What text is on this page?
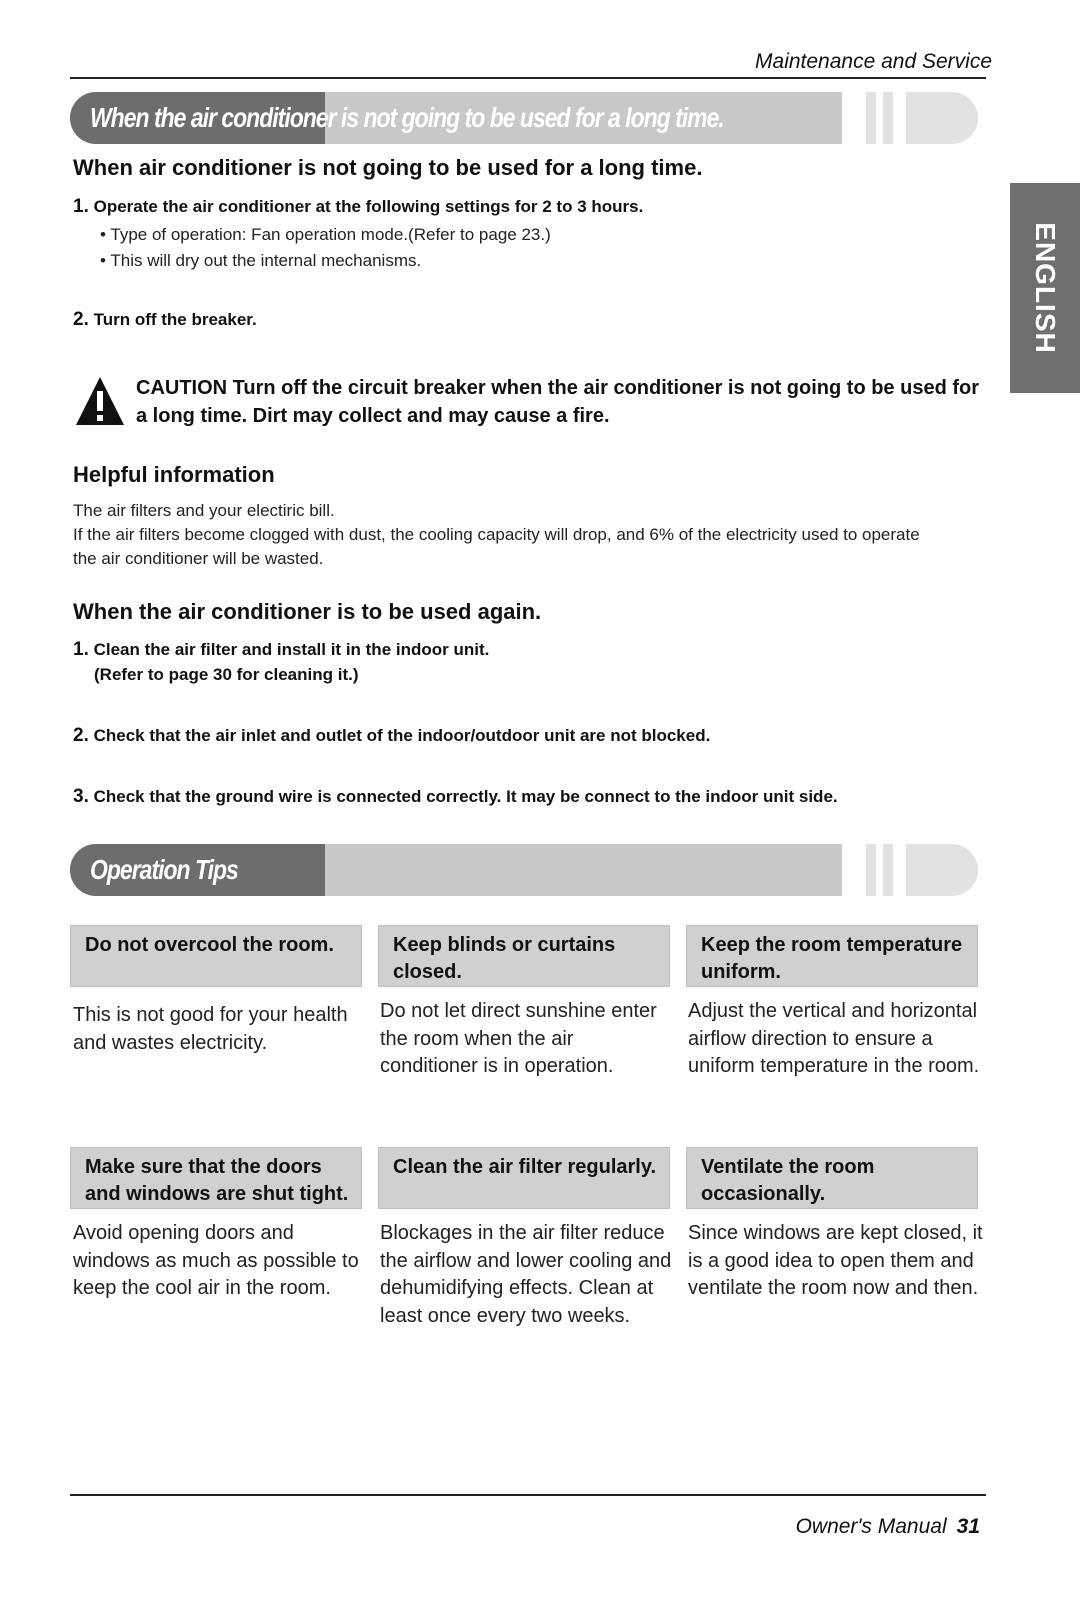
Maintenance and Service
ENGLISH
When the air conditioner is not going to be used for a long time.
When air conditioner is not going to be used for a long time.
1. Operate the air conditioner at the following settings for 2 to 3 hours.
• Type of operation: Fan operation mode.(Refer to page 23.)
• This will dry out the internal mechanisms.
2. Turn off the breaker.
CAUTION Turn off the circuit breaker when the air conditioner is not going to be used for a long time. Dirt may collect and may cause a fire.
Helpful information
The air filters and your electiric bill.
If the air filters become clogged with dust, the cooling capacity will drop, and 6% of the electricity used to operate the air conditioner will be wasted.
When the air conditioner is to be used again.
1. Clean the air filter and install it in the indoor unit.
(Refer to page 30 for cleaning it.)
2. Check that the air inlet and outlet of the indoor/outdoor unit are not blocked.
3. Check that the ground wire is connected correctly. It may be connect to the indoor unit side.
Operation Tips
Do not overcool the room.	Keep blinds or curtains closed.
Keep the room temperature uniform.
This is not good for your health and wastes electricity.
Do not let direct sunshine enter the room when the air conditioner is in operation.
Adjust the vertical and horizontal airflow direction to ensure a uniform temperature in the room.
Make sure that the doors and windows are shut tight.
Clean the air filter regularly.	Ventilate the room occasionally.
Avoid opening doors and windows as much as possible to keep the cool air in the room.
Blockages in the air filter reduce the airflow and lower cooling and dehumidifying effects. Clean at least once every two weeks.
Since windows are kept closed, it is a good idea to open them and ventilate the room now and then.
Owner's Manual 31
